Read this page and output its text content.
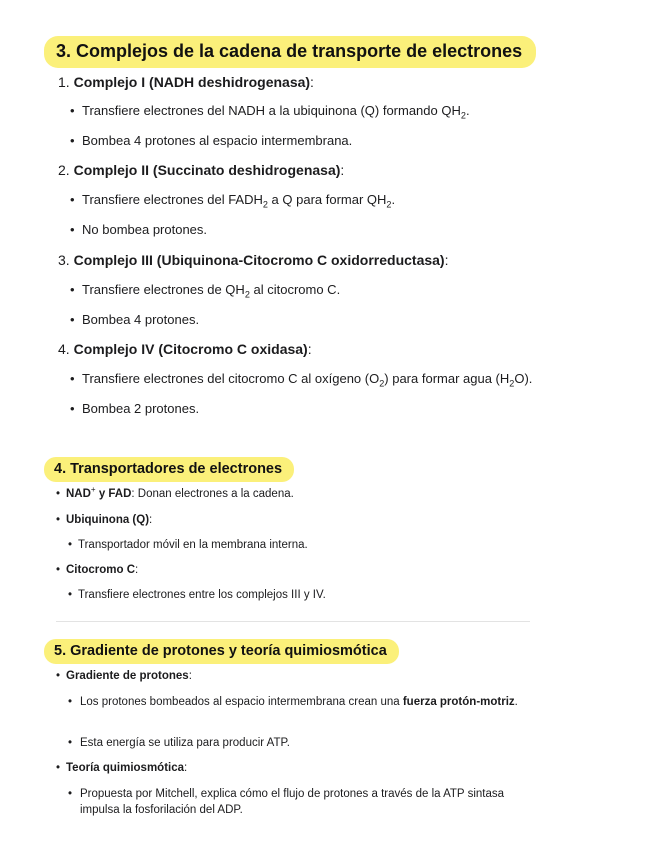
3. Complejos de la cadena de transporte de electrones
1. Complejo I (NADH deshidrogenasa):
• Transfiere electrones del NADH a la ubiquinona (Q) formando $QH_2$.
• Bombea 4 protones al espacio intermembrana.
2. Complejo II (Succinato deshidrogenasa):
• Transfiere electrones del $FADH_2$ a Q para formar $QH_2$.
• No bombea protones.
3. Complejo III (Ubiquinona-Citocromo C oxidorreductasa):
• Transfiere electrones de $QH_2$ al citocromo C.
• Bombea 4 protones.
4. Complejo IV (Citocromo C oxidasa):
• Transfiere electrones del citocromo C al oxígeno $(O_2)$ para formar agua $(H_2O)$.
• Bombea 2 protones.
4. Transportadores de electrones
• NAD+ y FAD: Donan electrones a la cadena.
• Ubiquinona (Q):
• Transportador móvil en la membrana interna.
• Citocromo C:
• Transfiere electrones entre los complejos III y IV.
5. Gradiente de protones y teoría quimiosmótica
• Gradiente de protones:
• Los protones bombeados al espacio intermembrana crean una fuerza protón-motriz.
• Esta energía se utiliza para producir ATP.
• Teoría quimiosmótica:
• Propuesta por Mitchell, explica cómo el flujo de protones a través de la ATP sintasa impulsa la fosforilación del ADP.
